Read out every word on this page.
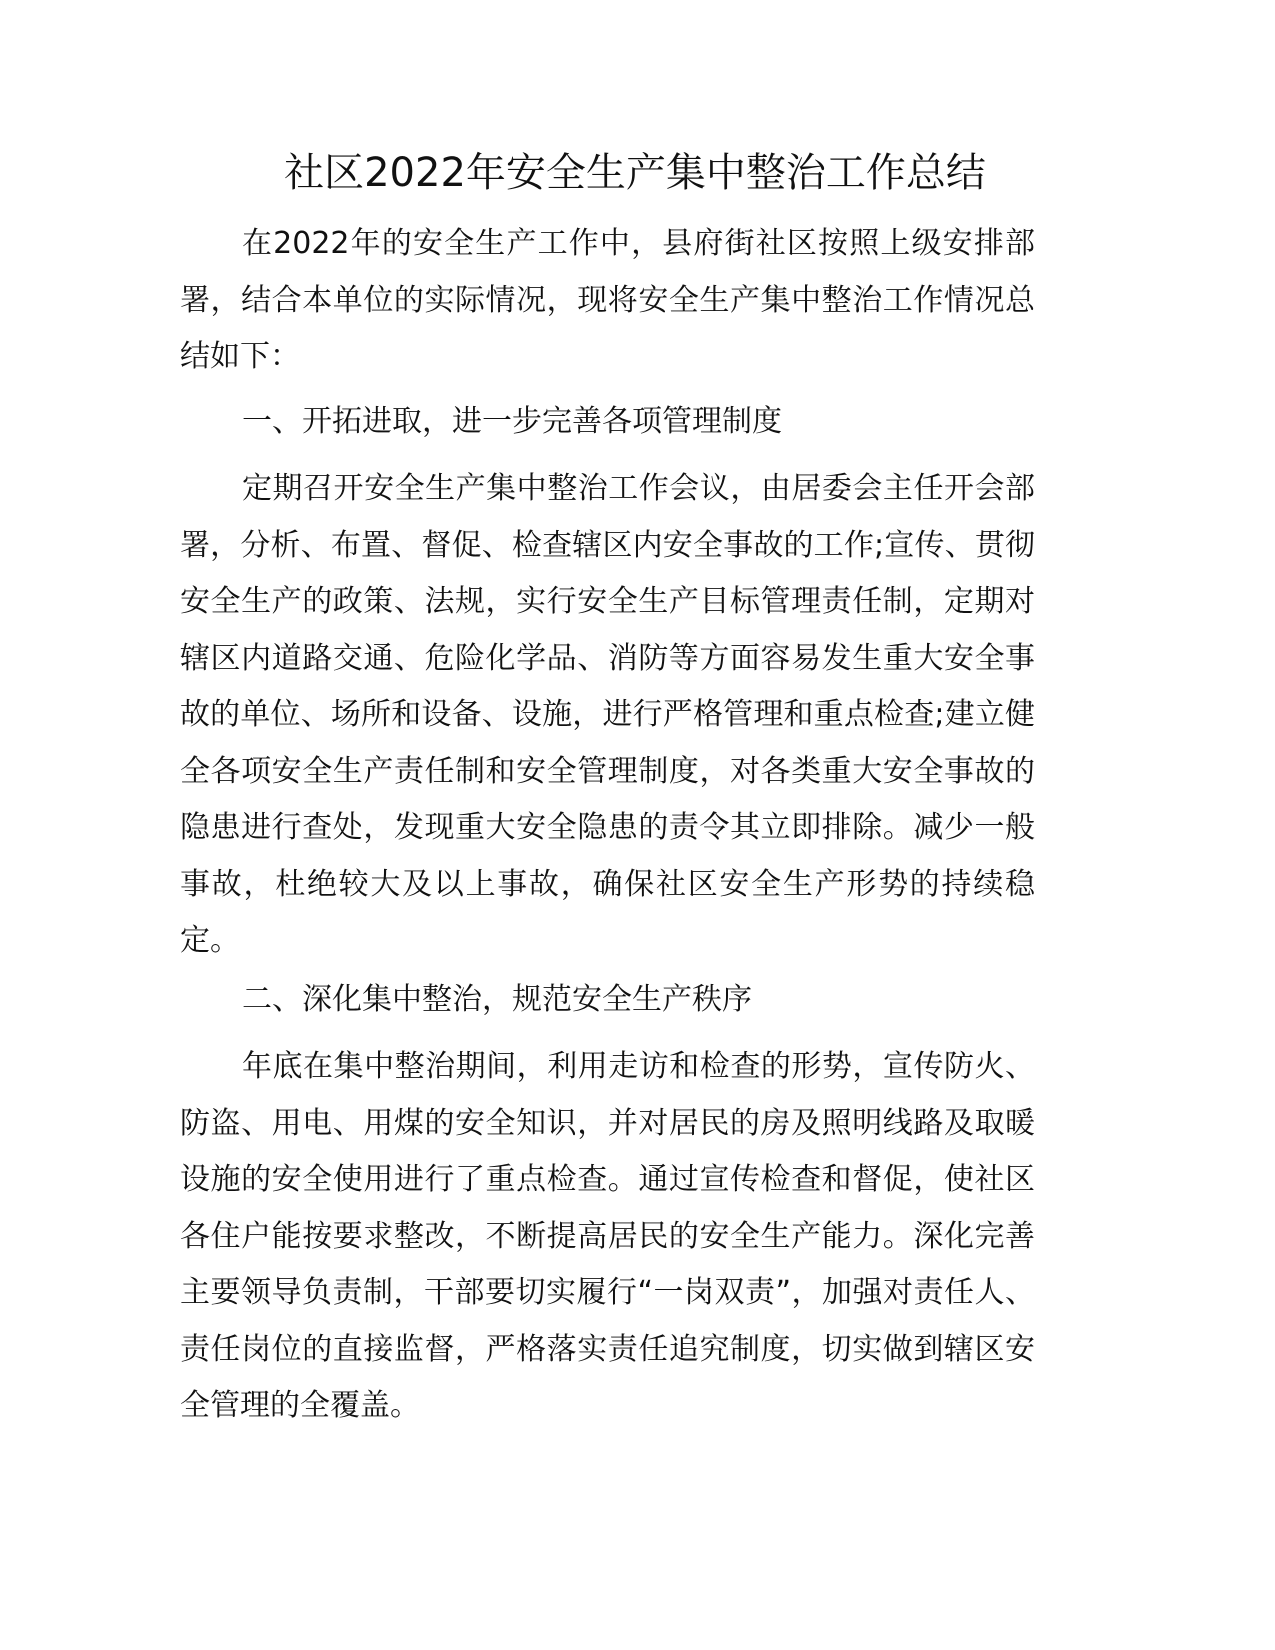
社区2022年安全生产集中整治工作总结

在2022年的安全生产工作中，县府街社区按照上级安排部署，结合本单位的实际情况，现将安全生产集中整治工作情况总结如下：

一、开拓进取，进一步完善各项管理制度

定期召开安全生产集中整治工作会议，由居委会主任开会部署，分析、布置、督促、检查辖区内安全事故的工作;宣传、贯彻安全生产的政策、法规，实行安全生产目标管理责任制，定期对辖区内道路交通、危险化学品、消防等方面容易发生重大安全事故的单位、场所和设备、设施，进行严格管理和重点检查;建立健全各项安全生产责任制和安全管理制度，对各类重大安全事故的隐患进行查处，发现重大安全隐患的责令其立即排除。减少一般事故，杜绝较大及以上事故，确保社区安全生产形势的持续稳定。

二、深化集中整治，规范安全生产秩序

年底在集中整治期间，利用走访和检查的形势，宣传防火、防盗、用电、用煤的安全知识，并对居民的房及照明线路及取暖设施的安全使用进行了重点检查。通过宣传检查和督促，使社区各住户能按要求整改，不断提高居民的安全生产能力。深化完善主要领导负责制，干部要切实履行“一岗双责”，加强对责任人、责任岗位的直接监督，严格落实责任追究制度，切实做到辖区安全管理的全覆盖。
